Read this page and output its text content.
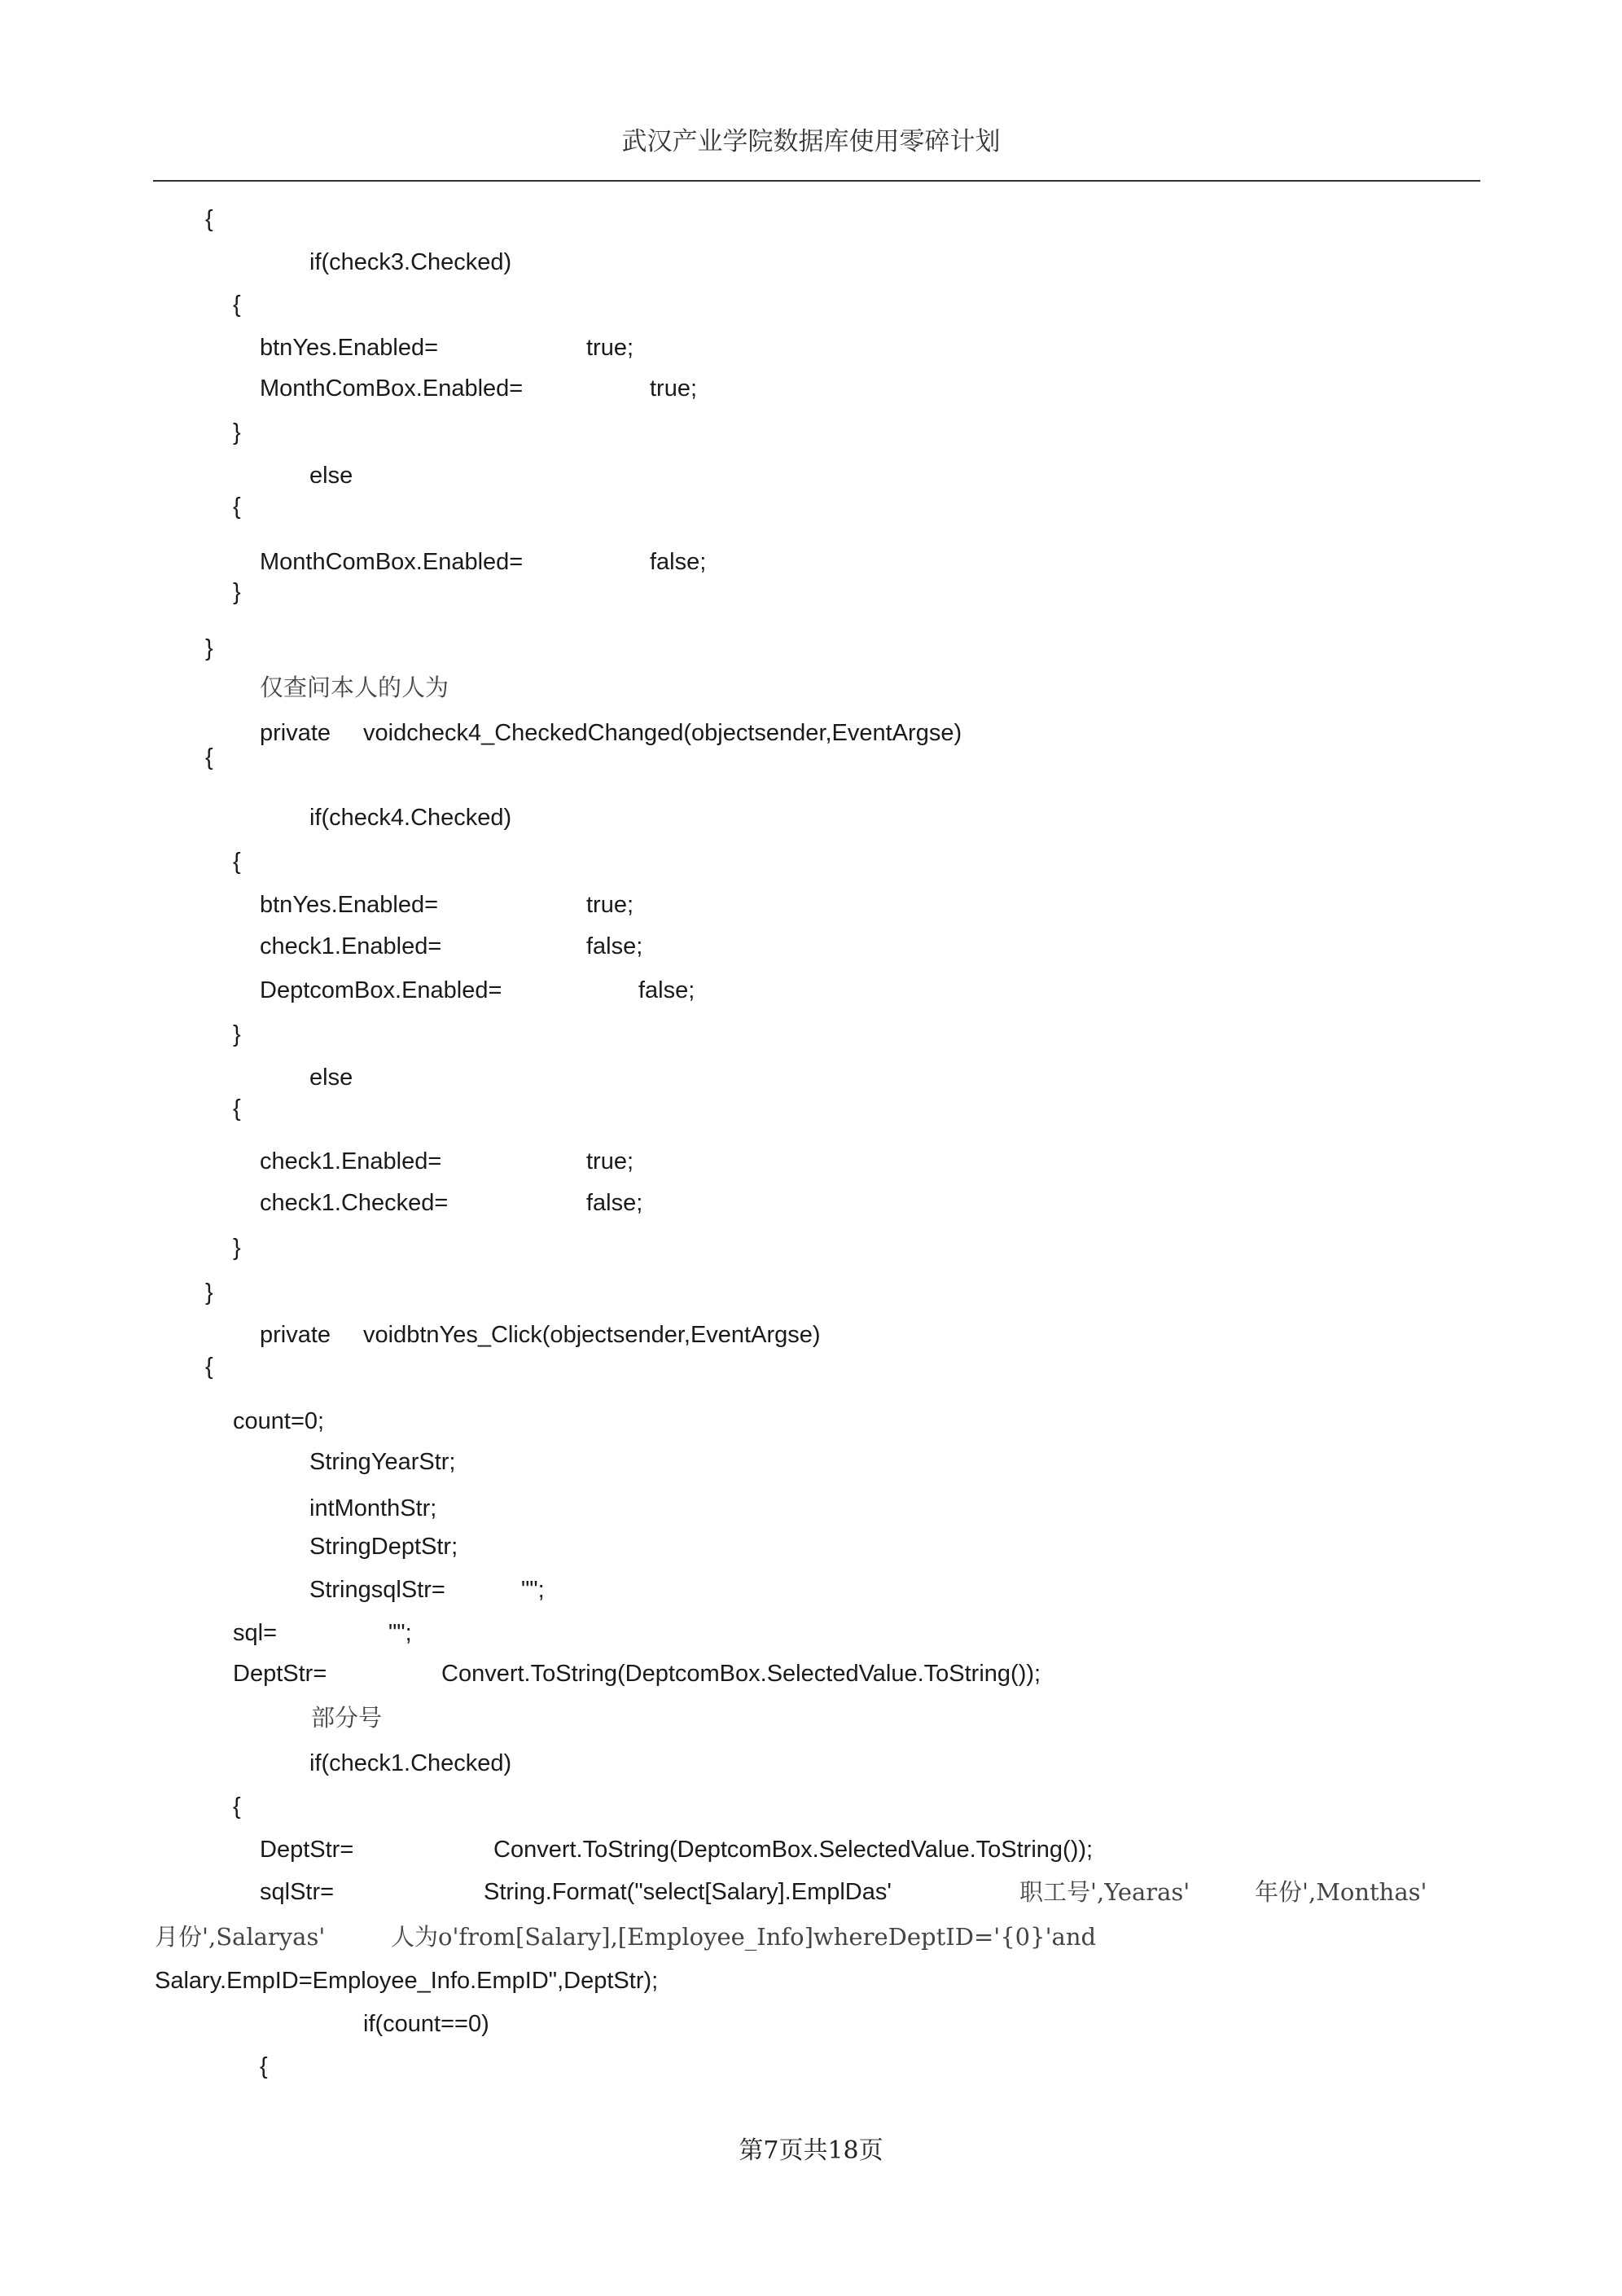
武汉产业学院数据库使用零碎计划
{
if(check3.Checked)
{
btnYes.Enabled=	true;
MonthComBox.Enabled=	true;
}
else
{
MonthComBox.Enabled=	false;
}
}
仅查问本人的人为
private voidcheck4_CheckedChanged(objectsender,EventArgse)
{
if(check4.Checked)
{
btnYes.Enabled=	true;
check1.Enabled=	false;
DeptcomBox.Enabled=	false;
}
else
{
check1.Enabled=	true;
check1.Checked=	false;
}
}
private voidbtnYes_Click(objectsender,EventArgse)
{
count=0;
StringYearStr;
intMonthStr;
StringDeptStr;
StringsqlStr=	"";
sql=	"";
DeptStr=	Convert.ToString(DeptcomBox.SelectedValue.ToString());
部分号
if(check1.Checked)
{
DeptStr=	Convert.ToString(DeptcomBox.SelectedValue.ToString());
sqlStr=	String.Format("select[Salary].EmplDas'	职工号',Yearas'	年份',Monthas'
月份',Salaryas'	人为o'from[Salary],[Employee_Info]whereDeptID='{0}'and
Salary.EmpID=Employee_Info.EmpID",DeptStr);
if(count==0)
{
第7页共18页
